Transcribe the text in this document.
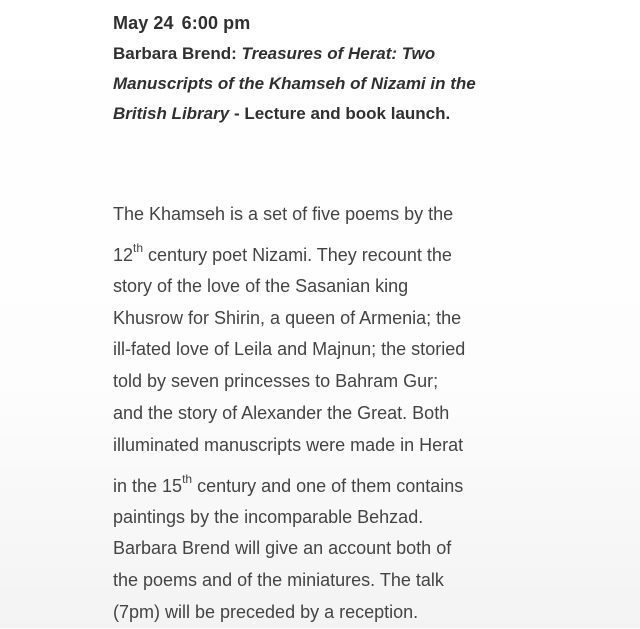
May 24 6:00 pm
Barbara Brend: Treasures of Herat: Two Manuscripts of the Khamseh of Nizami in the British Library - Lecture and book launch.
The Khamseh is a set of five poems by the
12th century poet Nizami. They recount the
story of the love of the Sasanian king
Khusrow for Shirin, a queen of Armenia; the
ill-fated love of Leila and Majnun; the storied
told by seven princesses to Bahram Gur;
and the story of Alexander the Great. Both
illuminated manuscripts were made in Herat
in the 15th century and one of them contains
paintings by the incomparable Behzad.
Barbara Brend will give an account both of
the poems and of the miniatures. The talk
(7pm) will be preceded by a reception.
